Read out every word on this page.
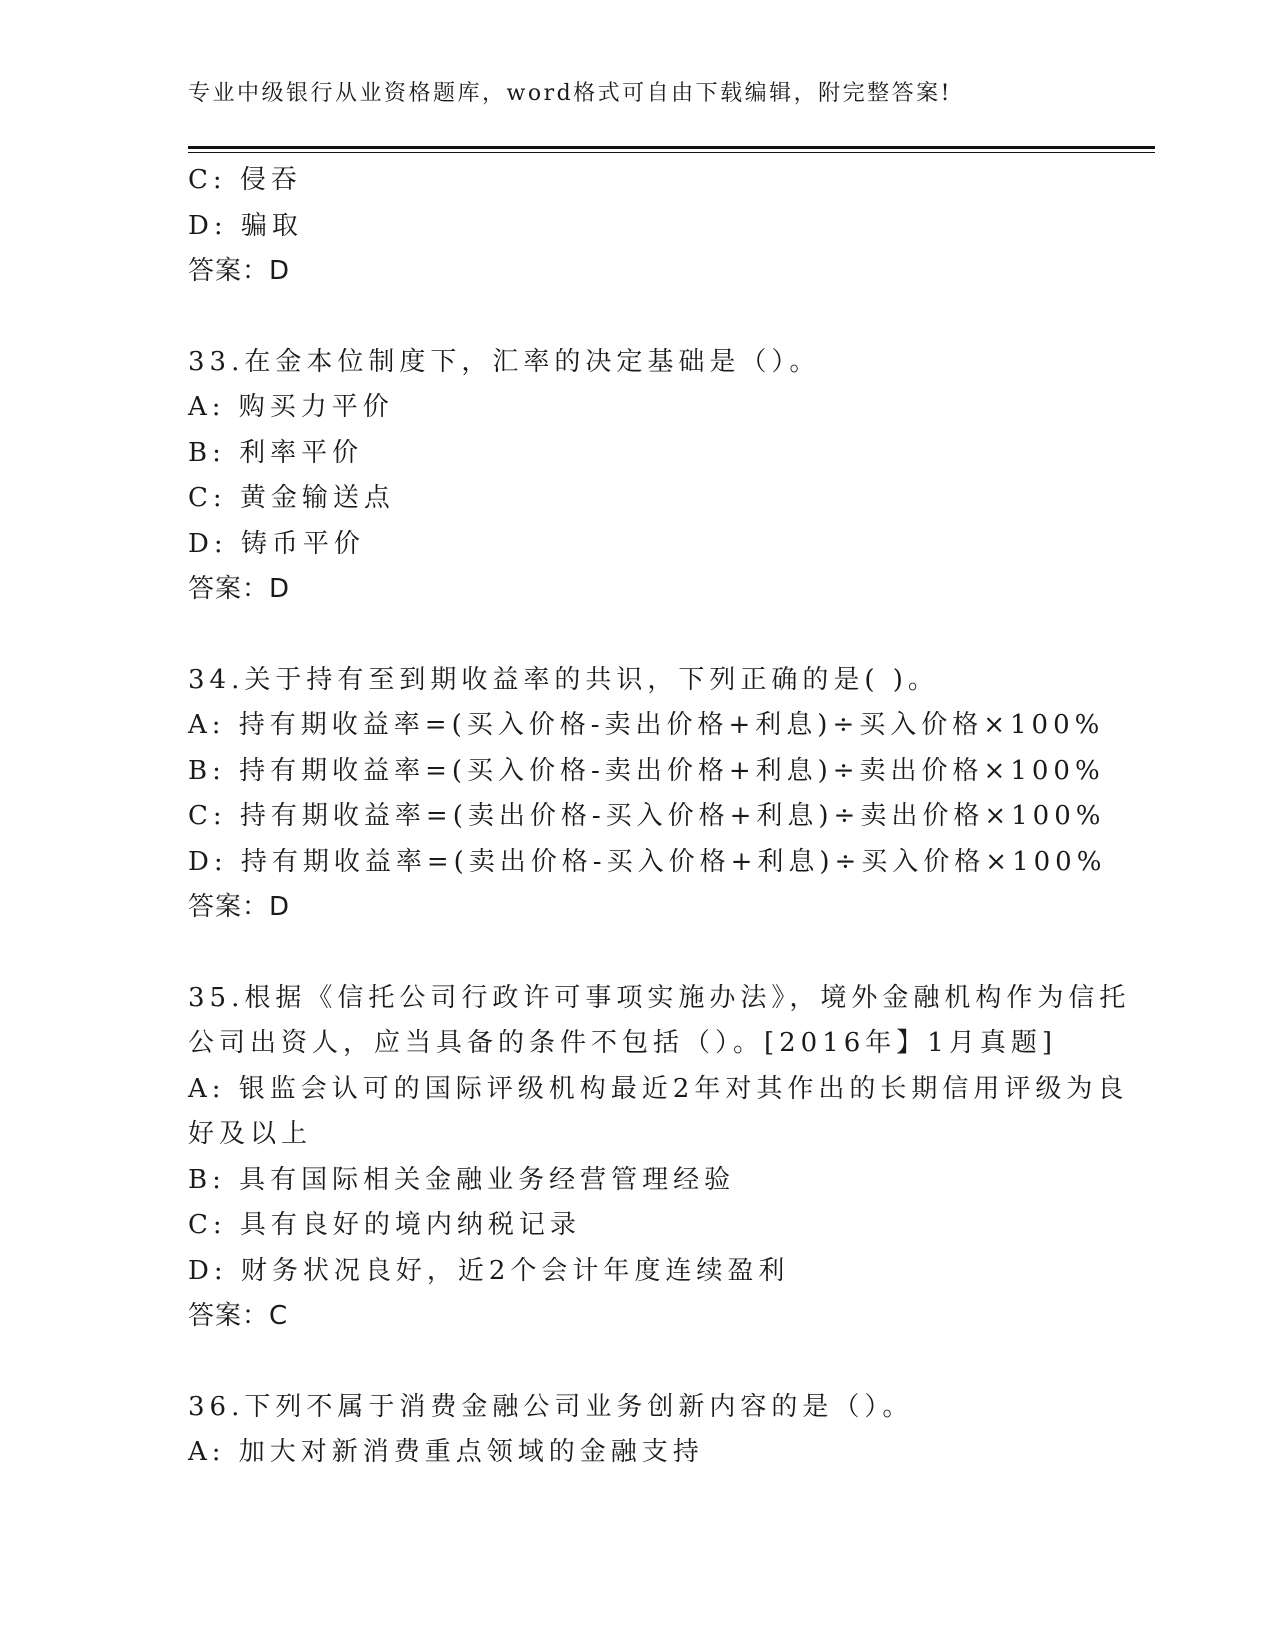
专业中级银行从业资格题库，word格式可自由下载编辑，附完整答案!
C: 侵吞
D: 骗取
答案：D
33.在金本位制度下，汇率的决定基础是（）。
A: 购买力平价
B: 利率平价
C: 黄金输送点
D: 铸币平价
答案：D
34.关于持有至到期收益率的共识，下列正确的是( )。
A: 持有期收益率=(买入价格-卖出价格+利息)÷买入价格×100%
B: 持有期收益率=(买入价格-卖出价格+利息)÷卖出价格×100%
C: 持有期收益率=(卖出价格-买入价格+利息)÷卖出价格×100%
D: 持有期收益率=(卖出价格-买入价格+利息)÷买入价格×100%
答案：D
35.根据《信托公司行政许可事项实施办法》，境外金融机构作为信托
公司出资人，应当具备的条件不包括（）。[2016年】1月真题]
A: 银监会认可的国际评级机构最近2年对其作出的长期信用评级为良
好及以上
B: 具有国际相关金融业务经营管理经验
C: 具有良好的境内纳税记录
D: 财务状况良好，近2个会计年度连续盈利
答案：C
36.下列不属于消费金融公司业务创新内容的是（）。
A: 加大对新消费重点领域的金融支持
